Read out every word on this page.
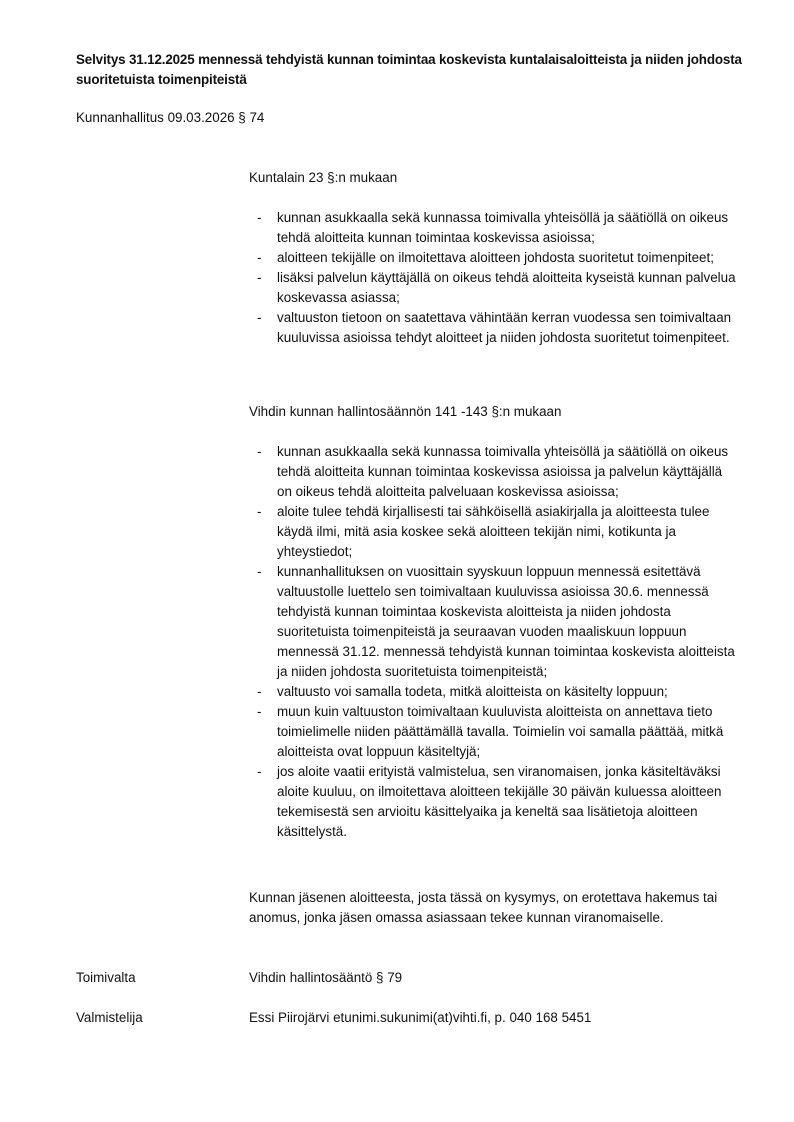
Selvitys 31.12.2025 mennessä tehdyistä kunnan toimintaa koskevista kuntalaisaloitteista ja niiden johdosta suoritetuista toimenpiteistä
Kunnanhallitus 09.03.2026 § 74
Kuntalain 23 §:n mukaan
- kunnan asukkaalla sekä kunnassa toimivalla yhteisöllä ja säätiöllä on oikeus tehdä aloitteita kunnan toimintaa koskevissa asioissa;
- aloitteen tekijälle on ilmoitettava aloitteen johdosta suoritetut toimenpiteet;
- lisäksi palvelun käyttäjällä on oikeus tehdä aloitteita kyseistä kunnan palvelua koskevassa asiassa;
- valtuuston tietoon on saatettava vähintään kerran vuodessa sen toimivaltaan kuuluvissa asioissa tehdyt aloitteet ja niiden johdosta suoritetut toimenpiteet.
Vihdin kunnan hallintosäännön 141 -143 §:n mukaan
- kunnan asukkaalla sekä kunnassa toimivalla yhteisöllä ja säätiöllä on oikeus tehdä aloitteita kunnan toimintaa koskevissa asioissa ja palvelun käyttäjällä on oikeus tehdä aloitteita palveluaan koskevissa asioissa;
- aloite tulee tehdä kirjallisesti tai sähköisellä asiakirjalla ja aloitteesta tulee käydä ilmi, mitä asia koskee sekä aloitteen tekijän nimi, kotikunta ja yhteystiedot;
- kunnanhallituksen on vuosittain syyskuun loppuun mennessä esitettävä valtuustolle luettelo sen toimivaltaan kuuluvissa asioissa 30.6. mennessä tehdyistä kunnan toimintaa koskevista aloitteista ja niiden johdosta suoritetuista toimenpiteistä ja seuraavan vuoden maaliskuun loppuun mennessä 31.12. mennessä tehdyistä kunnan toimintaa koskevista aloitteista ja niiden johdosta suoritetuista toimenpiteistä;
- valtuusto voi samalla todeta, mitkä aloitteista on käsitelty loppuun;
- muun kuin valtuuston toimivaltaan kuuluvista aloitteista on annettava tieto toimielimelle niiden päättämällä tavalla. Toimielin voi samalla päättää, mitkä aloitteista ovat loppuun käsiteltyjä;
- jos aloite vaatii erityistä valmistelua, sen viranomaisen, jonka käsiteltäväksi aloite kuuluu, on ilmoitettava aloitteen tekijälle 30 päivän kuluessa aloitteen tekemisestä sen arvioitu käsittelyaika ja keneltä saa lisätietoja aloitteen käsittelystä.
Kunnan jäsenen aloitteesta, josta tässä on kysymys, on erotettava hakemus tai anomus, jonka jäsen omassa asiassaan tekee kunnan viranomaiselle.
Toimivalta	Vihdin hallintosääntö § 79
Valmistelija	Essi Piirojärvi etunimi.sukunimi(at)vihti.fi, p. 040 168 5451
